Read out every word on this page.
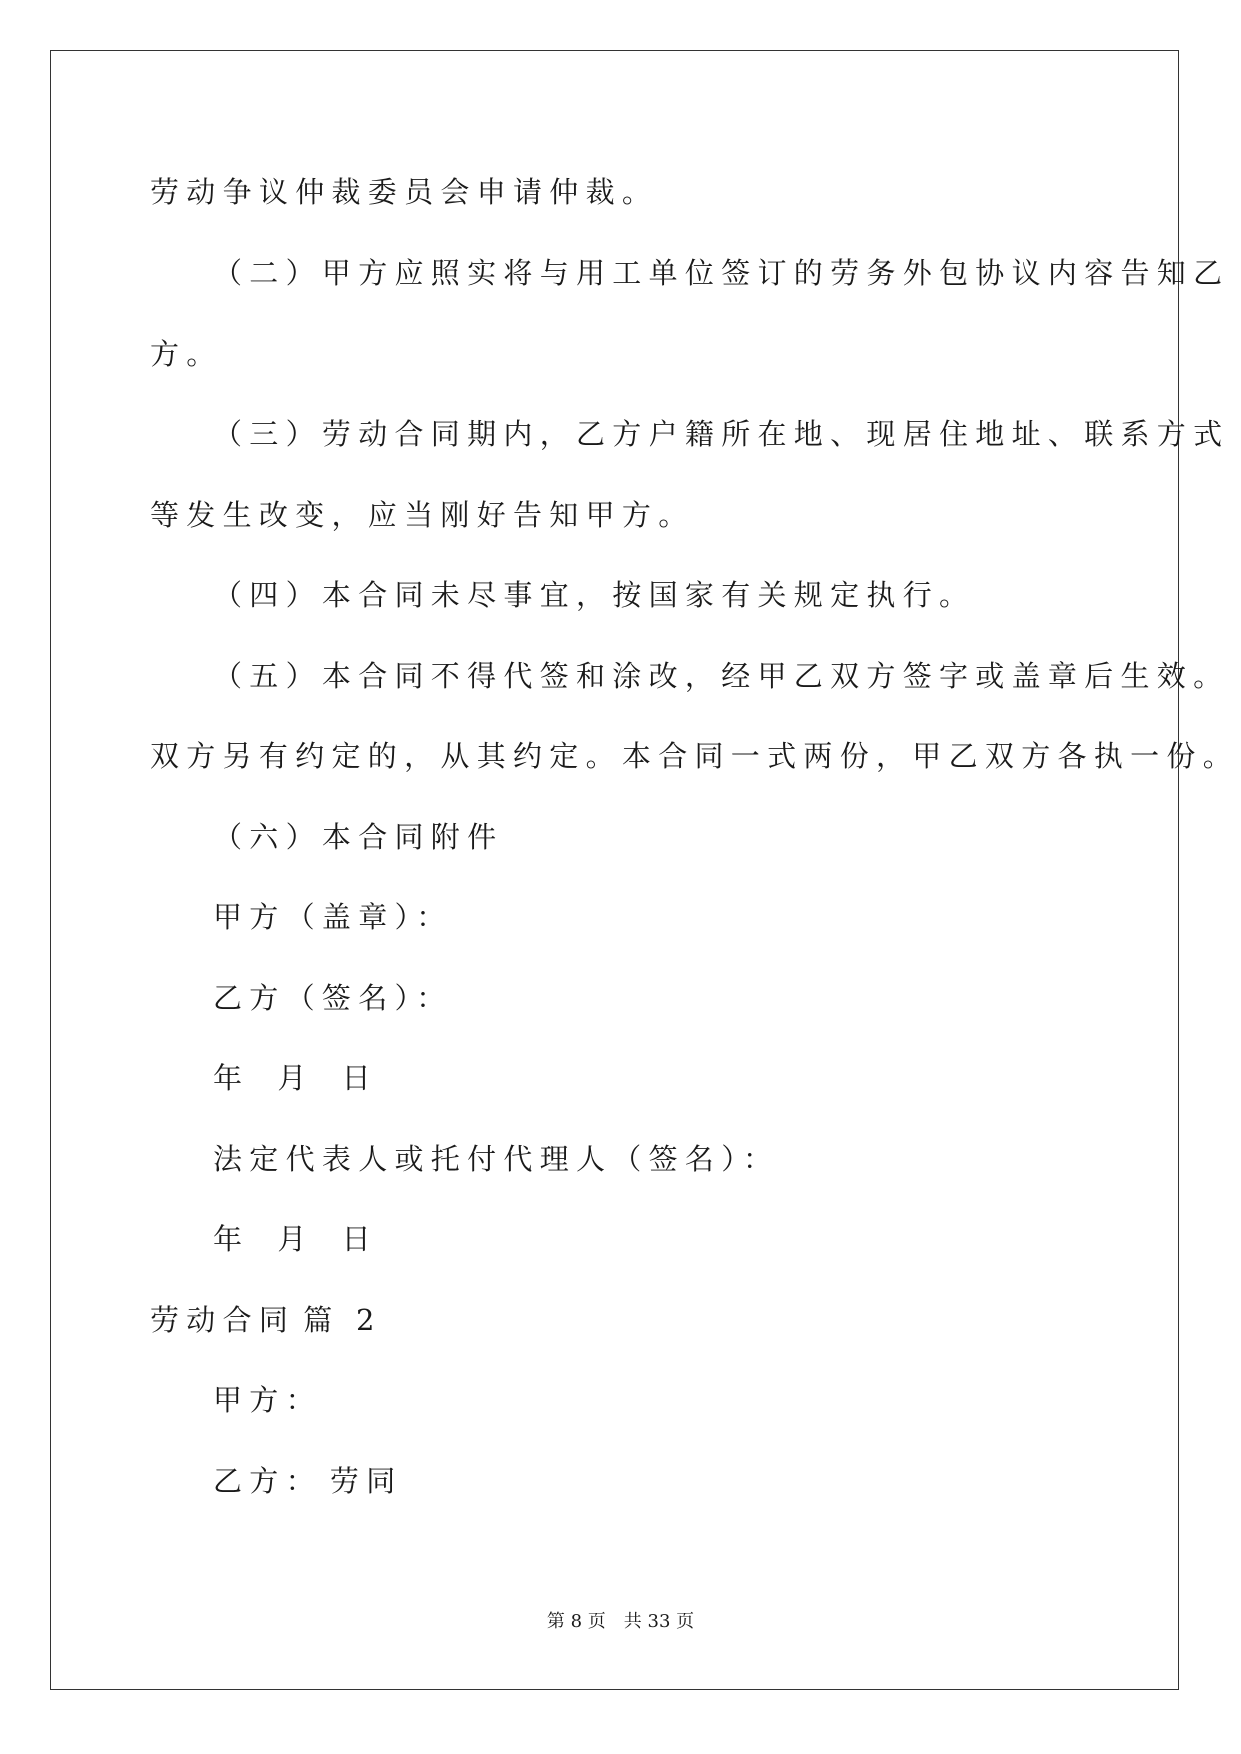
劳动争议仲裁委员会申请仲裁。

（二）甲方应照实将与用工单位签订的劳务外包协议内容告知乙

方。

（三）劳动合同期内，乙方户籍所在地、现居住地址、联系方式

等发生改变，应当刚好告知甲方。

（四）本合同未尽事宜，按国家有关规定执行。

（五）本合同不得代签和涂改，经甲乙双方签字或盖章后生效。

双方另有约定的，从其约定。本合同一式两份，甲乙双方各执一份。

（六）本合同附件

甲方（盖章）：

乙方（签名）：

年 月 日

法定代表人或托付代理人（签名）：

年 月 日

劳动合同 篇 2

甲方：

乙方： 劳同

第 8 页 共 33 页
